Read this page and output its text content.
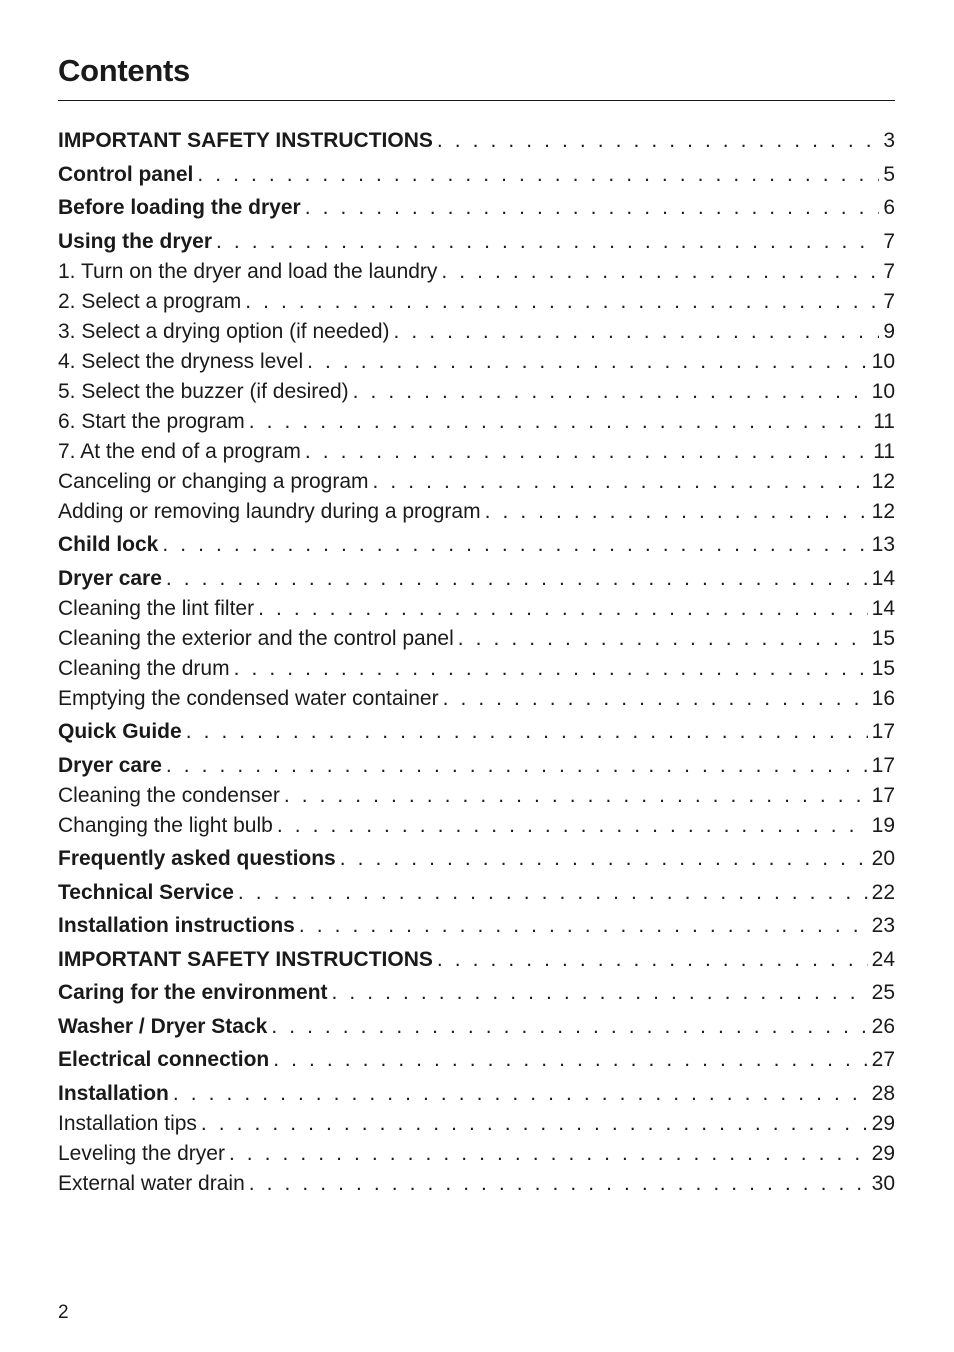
Contents
IMPORTANT SAFETY INSTRUCTIONS . . .	3
Control panel . . .	5
Before loading the dryer . . .	6
Using the dryer . . .	7
1. Turn on the dryer and load the laundry . . .	7
2. Select a program . . .	7
3. Select a drying option (if needed) . . .	9
4. Select the dryness level . . .	10
5. Select the buzzer (if desired) . . .	10
6. Start the program . . .	11
7. At the end of a program . . .	11
Canceling or changing a program . . .	12
Adding or removing laundry during a program . . .	12
Child lock . . .	13
Dryer care . . .	14
Cleaning the lint filter . . .	14
Cleaning the exterior and the control panel . . .	15
Cleaning the drum . . .	15
Emptying the condensed water container . . .	16
Quick Guide . . .	17
Dryer care . . .	17
Cleaning the condenser . . .	17
Changing the light bulb . . .	19
Frequently asked questions . . .	20
Technical Service . . .	22
Installation instructions . . .	23
IMPORTANT SAFETY INSTRUCTIONS . . .	24
Caring for the environment . . .	25
Washer / Dryer Stack . . .	26
Electrical connection . . .	27
Installation . . .	28
Installation tips . . .	29
Leveling the dryer . . .	29
External water drain . . .	30
2
